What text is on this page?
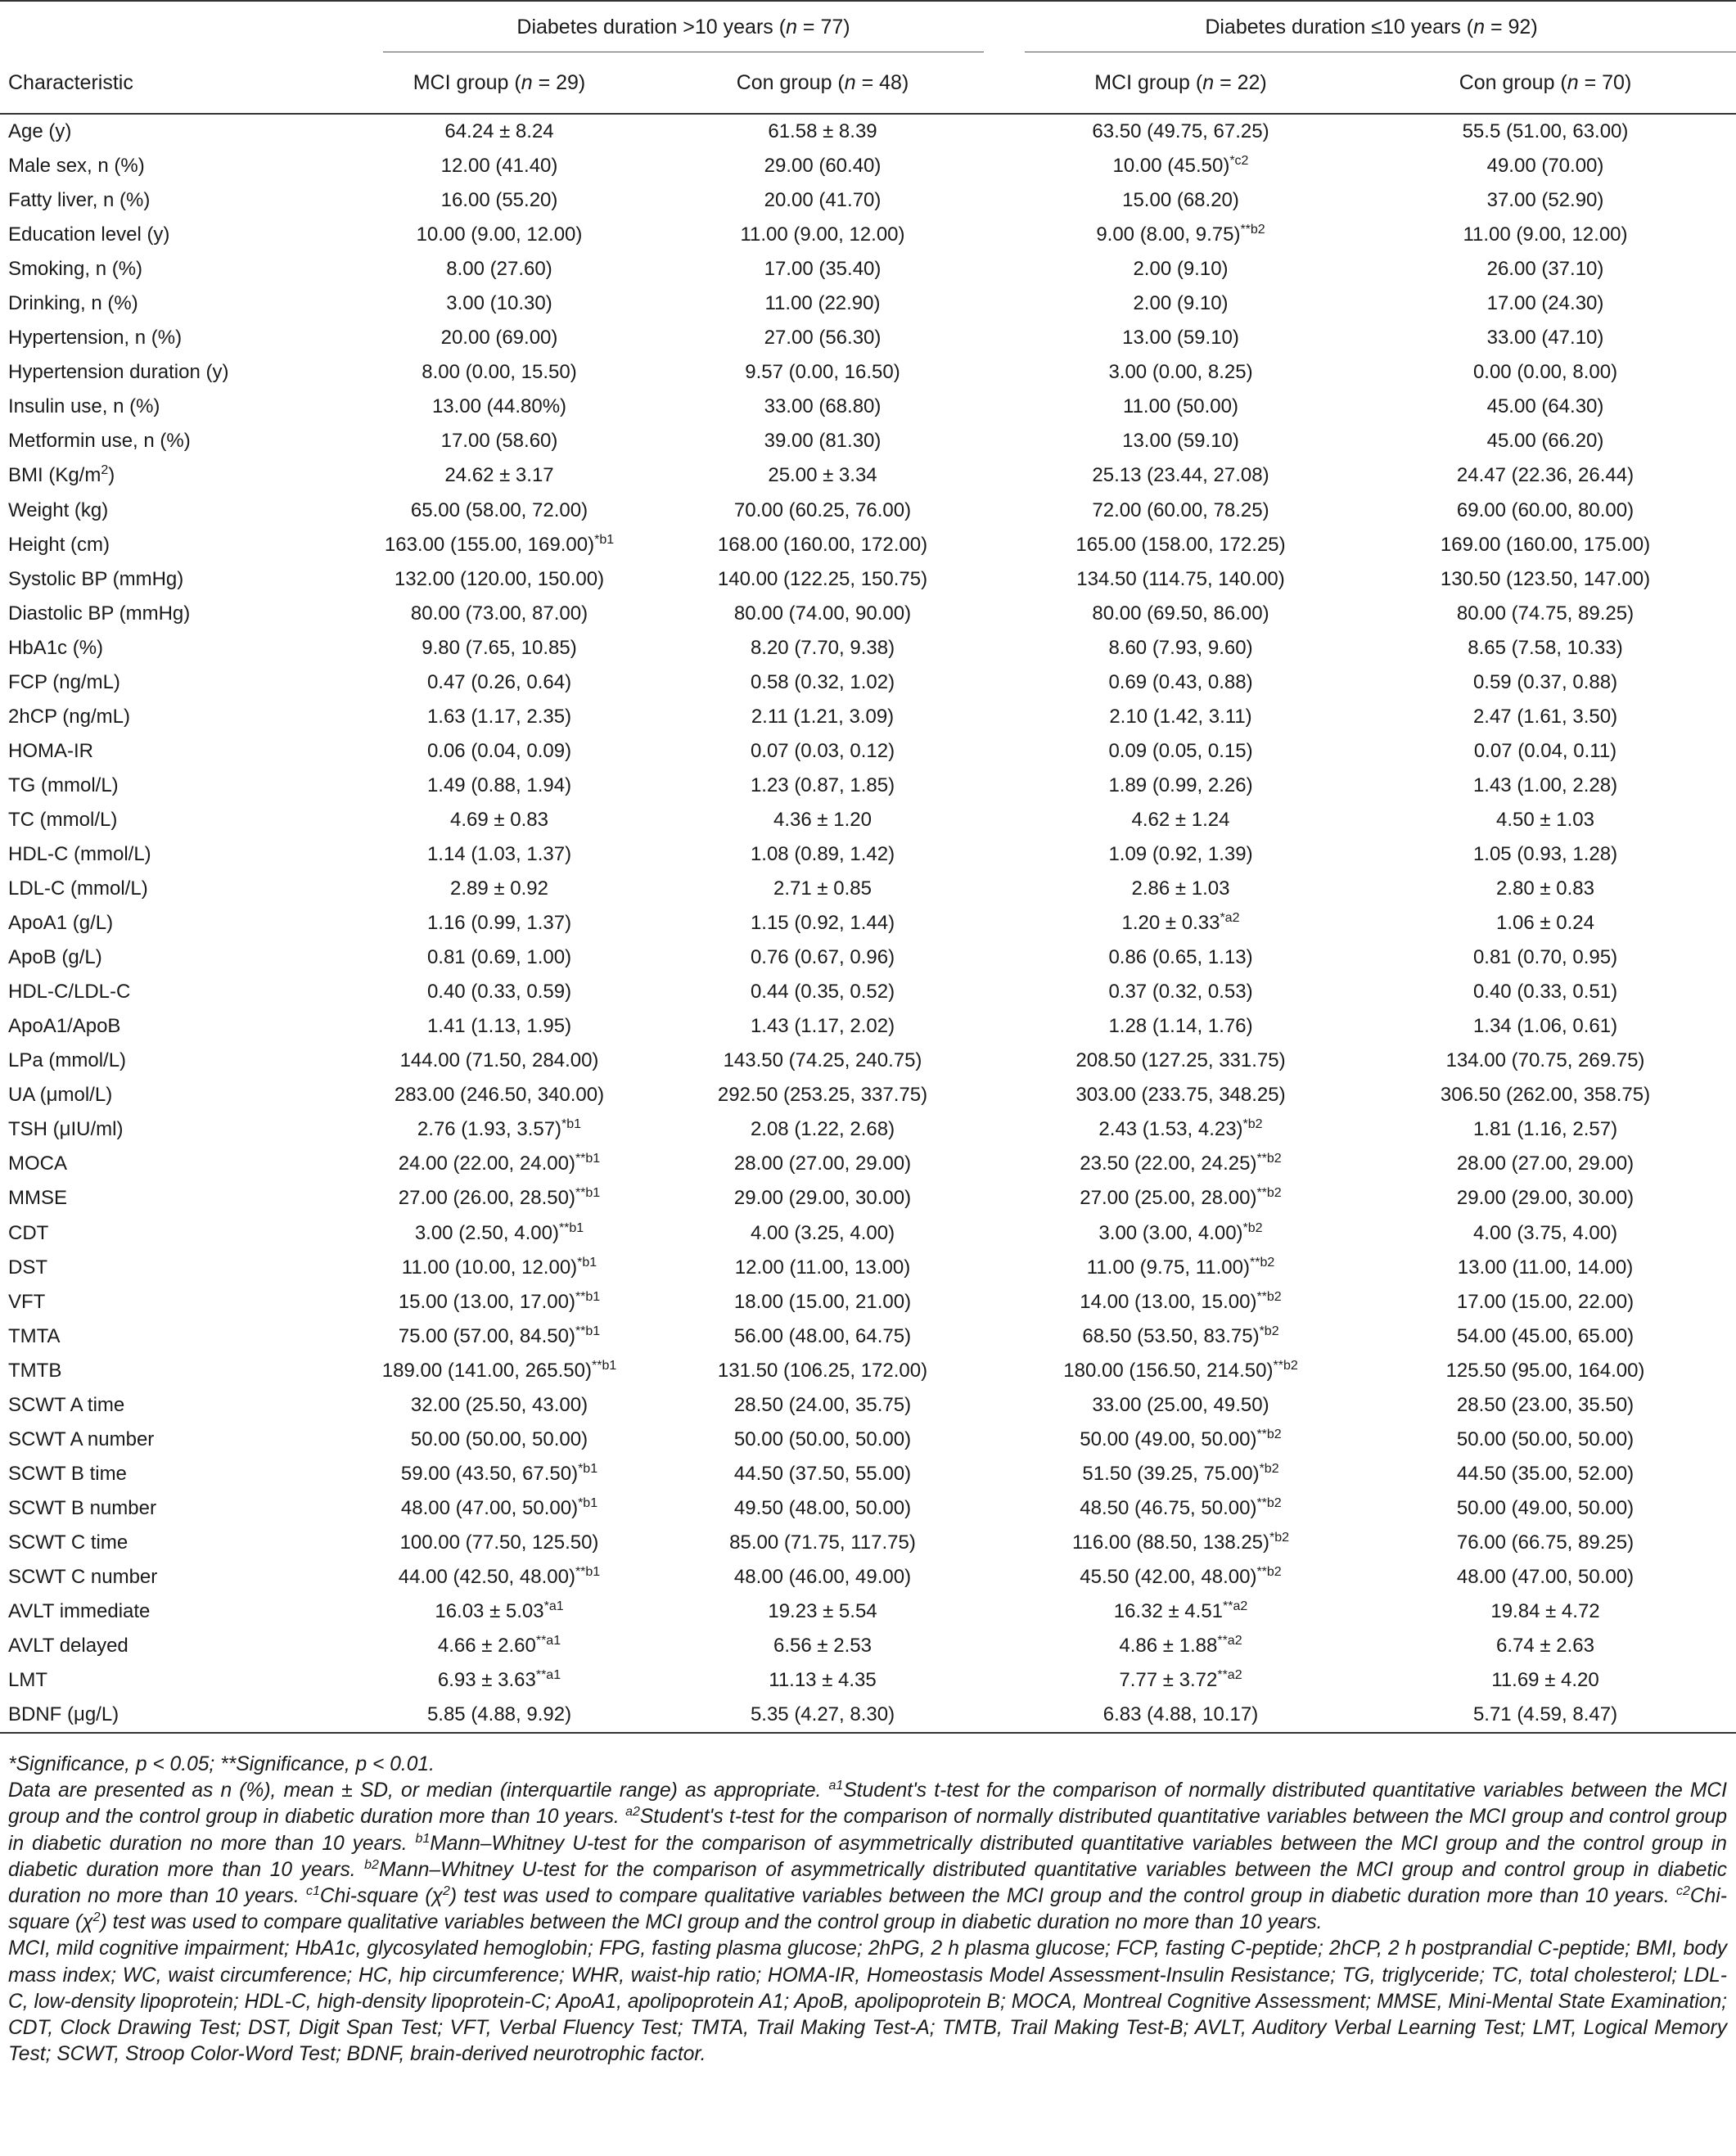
	Diabetes duration >10 years (n = 77)		Diabetes duration ≤10 years (n = 92)	

Characteristic	MCI group (n = 29)	Con group (n = 48)	MCI group (n = 22)	Con group (n = 70)
Age (y)	64.24 ± 8.24	61.58 ± 8.39	63.50 (49.75, 67.25)	55.5 (51.00, 63.00)
Male sex, n (%)	12.00 (41.40)	29.00 (60.40)	10.00 $(45.50)^{*c2}$	49.00 (70.00)
Fatty liver, n (%)	16.00 (55.20)	20.00 (41.70)	15.00 (68.20)	37.00 (52.90)
Education level (y)	10.00 (9.00, 12.00)	11.00 (9.00, 12.00)	9.00 (8.00, 9.75)$^{**b2}$	11.00 (9.00, 12.00)
Smoking, n (%)	8.00 (27.60)	17.00 (35.40)	2.00 (9.10)	26.00 (37.10)
Drinking, n (%)	3.00 (10.30)	11.00 (22.90)	2.00 (9.10)	17.00 (24.30)
Hypertension, n (%)	20.00 (69.00)	27.00 (56.30)	13.00 (59.10)	33.00 (47.10)
Hypertension duration (y)	8.00 (0.00, 15.50)	9.57 (0.00, 16.50)	3.00 (0.00, 8.25)	0.00 (0.00, 8.00)
Insulin use, n (%)	13.00 (44.80%)	33.00 (68.80)	11.00 (50.00)	45.00 (64.30)
Metformin use, n (%)	17.00 (58.60)	39.00 (81.30)	13.00 (59.10)	45.00 (66.20)
BMI $(Kg/m^2)$	24.62 ± 3.17	25.00 ± 3.34	25.13 (23.44, 27.08)	24.47 (22.36, 26.44)
Weight (kg)	65.00 (58.00, 72.00)	70.00 (60.25, 76.00)	72.00 (60.00, 78.25)	69.00 (60.00, 80.00)
Height (cm)	163.00 (155.00, 169.00)$^{*b1}$	168.00 (160.00, 172.00)	165.00 (158.00, 172.25)	169.00 (160.00, 175.00)
Systolic BP (mmHg)	132.00 (120.00, 150.00)	140.00 (122.25, 150.75)	134.50 (114.75, 140.00)	130.50 (123.50, 147.00)
Diastolic BP (mmHg)	80.00 (73.00, 87.00)	80.00 (74.00, 90.00)	80.00 (69.50, 86.00)	80.00 (74.75, 89.25)
HbA1c (%)	9.80 (7.65, 10.85)	8.20 (7.70, 9.38)	8.60 (7.93, 9.60)	8.65 (7.58, 10.33)
FCP (ng/mL)	0.47 (0.26, 0.64)	0.58 (0.32, 1.02)	0.69 (0.43, 0.88)	0.59 (0.37, 0.88)
2hCP (ng/mL)	1.63 (1.17, 2.35)	2.11 (1.21, 3.09)	2.10 (1.42, 3.11)	2.47 (1.61, 3.50)
HOMA-IR	0.06 (0.04, 0.09)	0.07 (0.03, 0.12)	0.09 (0.05, 0.15)	0.07 (0.04, 0.11)
TG (mmol/L)	1.49 (0.88, 1.94)	1.23 (0.87, 1.85)	1.89 (0.99, 2.26)	1.43 (1.00, 2.28)
TC (mmol/L)	4.69 ± 0.83	4.36 ± 1.20	4.62 ± 1.24	4.50 ± 1.03
HDL-C (mmol/L)	1.14 (1.03, 1.37)	1.08 (0.89, 1.42)	1.09 (0.92, 1.39)	1.05 (0.93, 1.28)
LDL-C (mmol/L)	2.89 ± 0.92	2.71 ± 0.85	2.86 ± 1.03	2.80 ± 0.83
ApoA1 (g/L)	1.16 (0.99, 1.37)	1.15 (0.92, 1.44)	$1.20 \pm 0.33^{*a2}$	1.06 ± 0.24
ApoB (g/L)	0.81 (0.69, 1.00)	0.76 (0.67, 0.96)	0.86 (0.65, 1.13)	0.81 (0.70, 0.95)
HDL-C/LDL-C	0.40 (0.33, 0.59)	0.44 (0.35, 0.52)	0.37 (0.32, 0.53)	0.40 (0.33, 0.51)
ApoA1/ApoB	1.41 (1.13, 1.95)	1.43 (1.17, 2.02)	1.28 (1.14, 1.76)	1.34 (1.06, 0.61)
LPa (mmol/L)	144.00 (71.50, 284.00)	143.50 (74.25, 240.75)	208.50 (127.25, 331.75)	134.00 (70.75, 269.75)
UA (μmol/L)	283.00 (246.50, 340.00)	292.50 (253.25, 337.75)	303.00 (233.75, 348.25)	306.50 (262.00, 358.75)
TSH (μIU/ml)	2.76 (1.93, 3.57)$^{*b1}$	2.08 (1.22, 2.68)	2.43 (1.53, 4.23)$^{*b2}$	1.81 (1.16, 2.57)
MOCA	24.00 (22.00, 24.00)$^{**b1}$	28.00 (27.00, 29.00)	23.50 (22.00, 24.25)$^{**b2}$	28.00 (27.00, 29.00)
MMSE	27.00 (26.00, 28.50)$^{**b1}$	29.00 (29.00, 30.00)	27.00 (25.00, 28.00)$^{**b2}$	29.00 (29.00, 30.00)
CDT	3.00 (2.50, 4.00)$^{**b1}$	4.00 (3.25, 4.00)	3.00 (3.00, 4.00)$^{*b2}$	4.00 (3.75, 4.00)
DST	11.00 (10.00, 12.00)$^{*b1}$	12.00 (11.00, 13.00)	11.00 (9.75, 11.00)$^{**b2}$	13.00 (11.00, 14.00)
VFT	15.00 (13.00, 17.00)$^{**b1}$	18.00 (15.00, 21.00)	14.00 (13.00, 15.00)$^{**b2}$	17.00 (15.00, 22.00)
TMTA	75.00 (57.00, 84.50)$^{**b1}$	56.00 (48.00, 64.75)	68.50 (53.50, 83.75)$^{*b2}$	54.00 (45.00, 65.00)
TMTB	189.00 (141.00, 265.50)$^{**b1}$	131.50 (106.25, 172.00)	180.00 (156.50, 214.50)$^{**b2}$	125.50 (95.00, 164.00)
SCWT A time	32.00 (25.50, 43.00)	28.50 (24.00, 35.75)	33.00 (25.00, 49.50)	28.50 (23.00, 35.50)
SCWT A number	50.00 (50.00, 50.00)	50.00 (50.00, 50.00)	50.00 (49.00, 50.00)$^{**b2}$	50.00 (50.00, 50.00)
SCWT B time	59.00 (43.50, 67.50)$^{*b1}$	44.50 (37.50, 55.00)	51.50 (39.25, 75.00)$^{*b2}$	44.50 (35.00, 52.00)
SCWT B number	48.00 (47.00, 50.00)$^{*b1}$	49.50 (48.00, 50.00)	48.50 (46.75, 50.00)$^{**b2}$	50.00 (49.00, 50.00)
SCWT C time	100.00 (77.50, 125.50)	85.00 (71.75, 117.75)	116.00 (88.50, 138.25)$^{*b2}$	76.00 (66.75, 89.25)
SCWT C number	44.00 (42.50, 48.00)$^{**b1}$	48.00 (46.00, 49.00)	45.50 (42.00, 48.00)$^{**b2}$	48.00 (47.00, 50.00)
AVLT immediate	$16.03 \pm 5.03^{*a1}$	19.23 ± 5.54	$16.32 \pm 4.51^{**a2}$	19.84 ± 4.72
AVLT delayed	$4.66 \pm 2.60^{**a1}$	6.56 ± 2.53	$4.86 \pm 1.88^{**a2}$	6.74 ± 2.63
LMT	$6.93 \pm 3.63^{**a1}$	11.13 ± 4.35	$7.77 \pm 3.72^{**a2}$	11.69 ± 4.20
BDNF (μg/L)	5.85 (4.88, 9.92)	5.35 (4.27, 8.30)	6.83 (4.88, 10.17)	5.71 (4.59, 8.47)

*Significance, p < 0.05; **Significance, p < 0.01.

Data are presented as n (%), mean ± SD, or median (interquartile range) as appropriate. $^{a1}$Student's t-test for the comparison of normally distributed quantitative variables between the MCI group and the control group in diabetic duration more than 10 years. $^{a2}$Student's t-test for the comparison of normally distributed quantitative variables between the MCI group and control group in diabetic duration no more than 10 years. $^{b1}$Mann–Whitney U-test for the comparison of asymmetrically distributed quantitative variables between the MCI group and the control group in diabetic duration more than 10 years. $^{b2}$Mann–Whitney U-test for the comparison of asymmetrically distributed quantitative variables between the MCI group and control group in diabetic duration no more than 10 years. $^{c1}$Chi-square $(\chi^2)$ test was used to compare qualitative variables between the MCI group and the control group in diabetic duration more than 10 years. $^{c2}$Chi-square $(\chi^2)$ test was used to compare qualitative variables between the MCI group and the control group in diabetic duration no more than 10 years.

MCI, mild cognitive impairment; HbA1c, glycosylated hemoglobin; FPG, fasting plasma glucose; 2hPG, 2 h plasma glucose; FCP, fasting C-peptide; 2hCP, 2 h postprandial C-peptide; BMI, body mass index; WC, waist circumference; HC, hip circumference; WHR, waist-hip ratio; HOMA-IR, Homeostasis Model Assessment-Insulin Resistance; TG, triglyceride; TC, total cholesterol; LDL-C, low-density lipoprotein; HDL-C, high-density lipoprotein-C; ApoA1, apolipoprotein A1; ApoB, apolipoprotein B; MOCA, Montreal Cognitive Assessment; MMSE, Mini-Mental State Examination; CDT, Clock Drawing Test; DST, Digit Span Test; VFT, Verbal Fluency Test; TMTA, Trail Making Test-A; TMTB, Trail Making Test-B; AVLT, Auditory Verbal Learning Test; LMT, Logical Memory Test; SCWT, Stroop Color-Word Test; BDNF, brain-derived neurotrophic factor.
